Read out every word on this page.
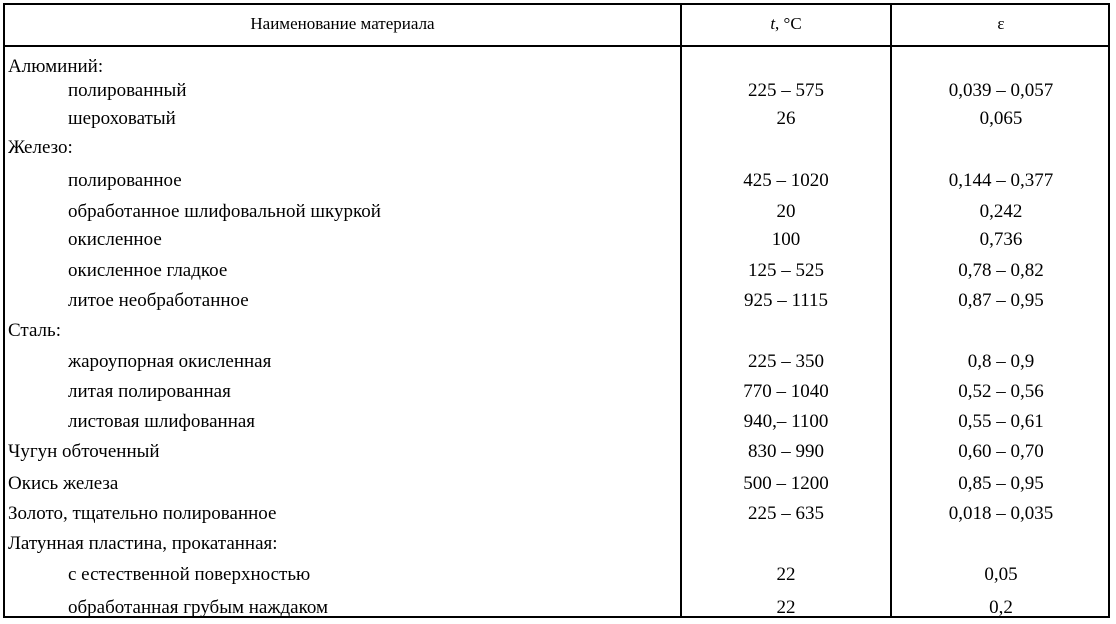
Наименование материала	t , °C	ε
Алюминий:
полированный	225 – 575	0,039 – 0,057
шероховатый	26	0,065
Железо:
полированное	425 – 1020	0,144 – 0,377
обработанное шлифовальной шкуркой	20	0,242
окисленное	100	0,736
окисленное гладкое	125 – 525	0,78 – 0,82
литое необработанное	925 – 1115	0,87 – 0,95
Сталь:
жароупорная окисленная	225 – 350	0,8 – 0,9
литая полированная	770 – 1040	0,52 – 0,56
листовая шлифованная	940,– 1100	0,55 – 0,61
Чугун обточенный	830 – 990	0,60 – 0,70
Окись железа	500 – 1200	0,85 – 0,95
Золото, тщательно полированное	225 – 635	0,018 – 0,035
Латунная пластина, прокатанная:
с естественной поверхностью	22	0,05
обработанная грубым наждаком	22	0,2
